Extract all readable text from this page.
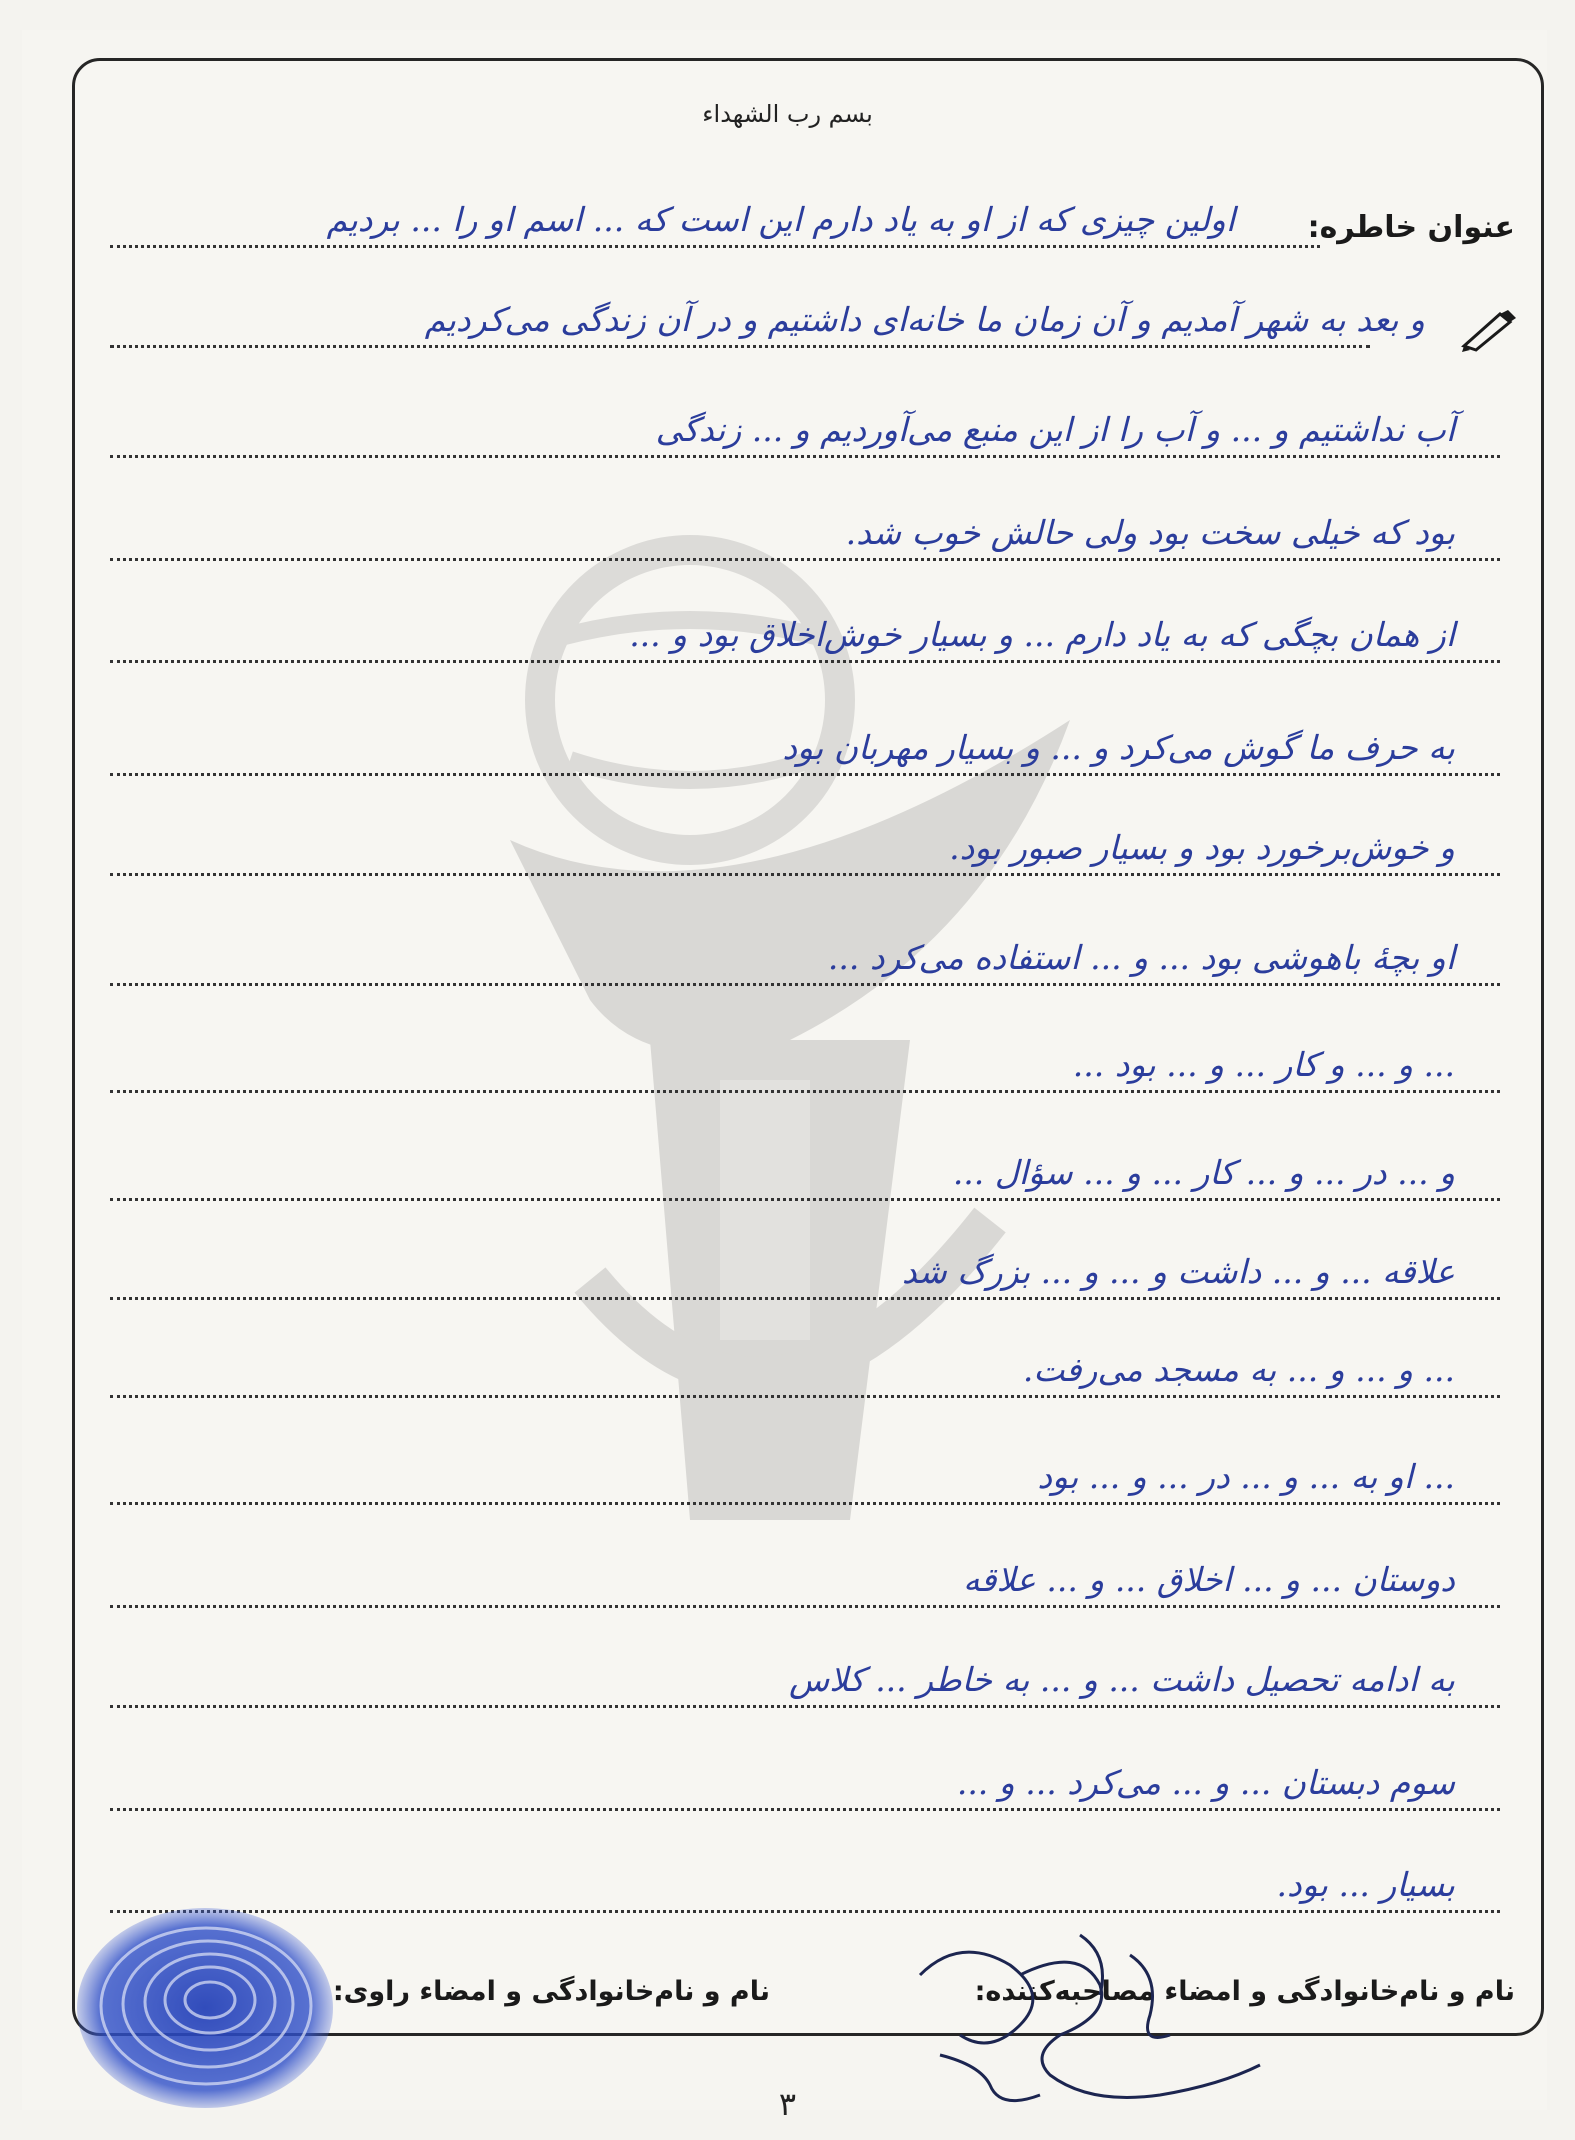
بسم رب الشهداء
عنوان خاطره:
اولین چیزی که از او به یاد دارم این است که ... اسم او را ... بردیم
و بعد به شهر آمدیم و آن زمان ما خانه‌ای داشتیم و در آن زندگی می‌کردیم
آب نداشتیم و ... و آب را از این منبع می‌آوردیم و ... زندگی
بود که خیلی سخت بود ولی حالش خوب شد.
از همان بچگی که به یاد دارم ... و بسیار خوش‌اخلاق بود و ...
به حرف ما گوش می‌کرد و ... و بسیار مهربان بود
و خوش‌برخورد بود و بسیار صبور بود.
او بچهٔ باهوشی بود ... و ... استفاده می‌کرد ...
... و ... و کار ... و ... بود ...
و ... در ... و ... کار ... و ... سؤال ...
علاقه ... و ... داشت و ... و ... بزرگ شد
... و ... و ... به مسجد می‌رفت.
... او به ... و ... در ... و ... بود
دوستان ... و ... اخلاق ... و ... علاقه
به ادامه تحصیل داشت ... و ... به خاطر ... کلاس
سوم دبستان ... و ... می‌کرد ... و ...
بسیار ... بود.
نام و نام‌خانوادگی و امضاء مصاحبه‌کننده:
نام و نام‌خانوادگی و امضاء راوی:
۳
